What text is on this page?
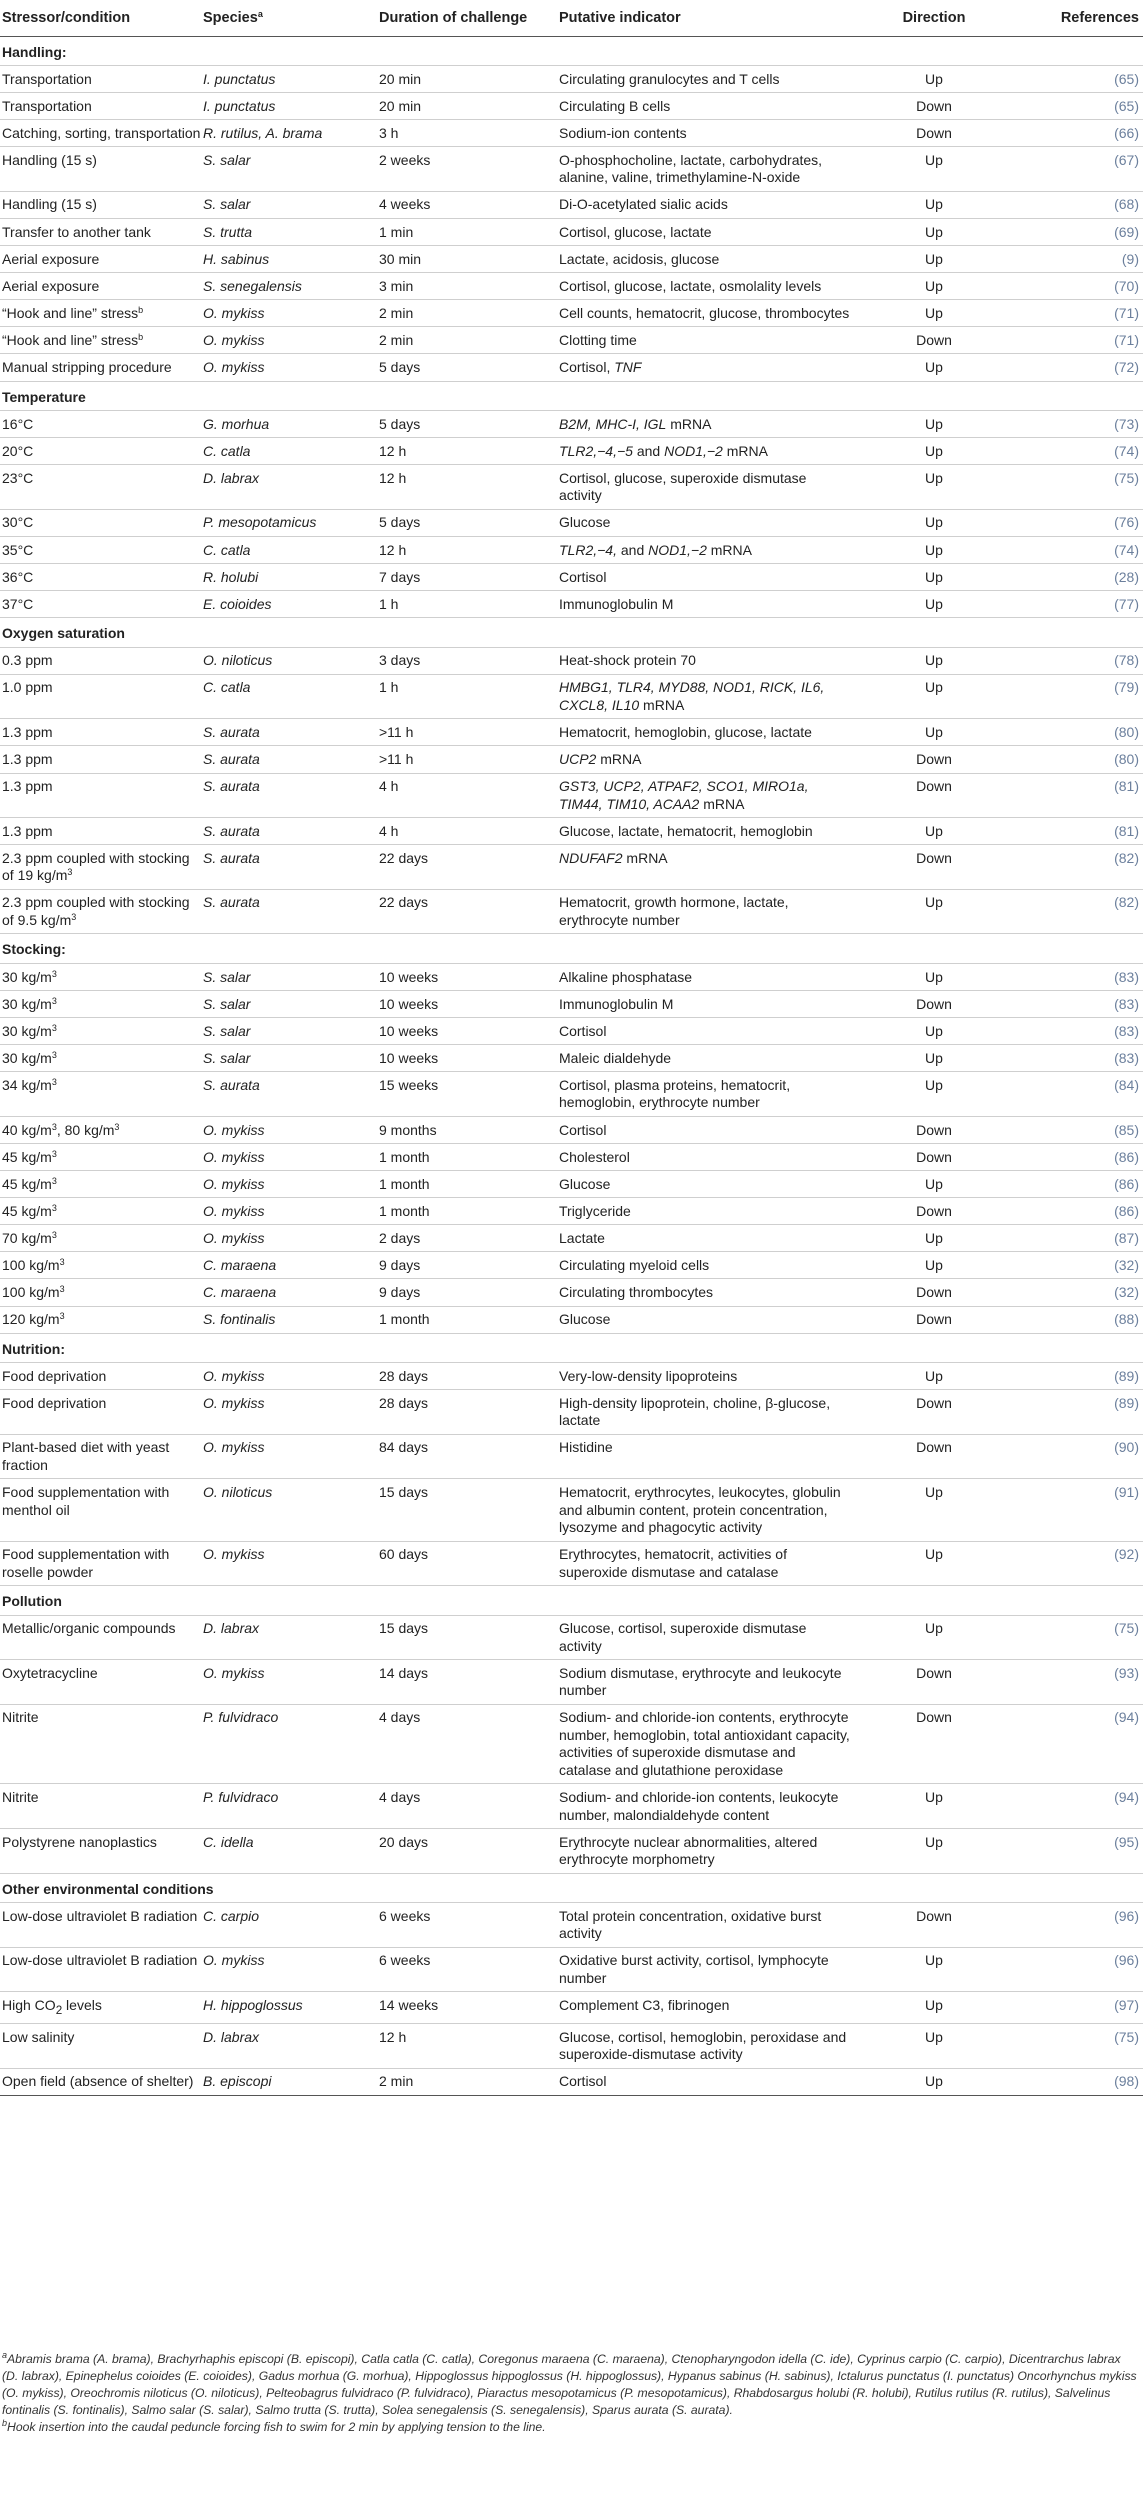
Stressor/condition	Species$^a$	Duration of challenge	Putative indicator	Direction	References
Handling:					
Transportation	I. punctatus	20 min	Circulating granulocytes and T cells	Up	(65)
Transportation	I. punctatus	20 min	Circulating B cells	Down	(65)
Catching, sorting, transportation	R. rutilus, A. brama	3 h	Sodium-ion contents	Down	(66)
Handling (15 s)	S. salar	2 weeks	O-phosphocholine, lactate, carbohydrates, alanine, valine, trimethylamine-N-oxide	Up	(67)
Handling (15 s)	S. salar	4 weeks	Di-O-acetylated sialic acids	Up	(68)
Transfer to another tank	S. trutta	1 min	Cortisol, glucose, lactate	Up	(69)
Aerial exposure	H. sabinus	30 min	Lactate, acidosis, glucose	Up	(9)
Aerial exposure	S. senegalensis	3 min	Cortisol, glucose, lactate, osmolality levels	Up	(70)
“Hook and line” stress$^b$	O. mykiss	2 min	Cell counts, hematocrit, glucose, thrombocytes	Up	(71)
“Hook and line” stress$^b$	O. mykiss	2 min	Clotting time	Down	(71)
Manual stripping procedure	O. mykiss	5 days	Cortisol, TNF	Up	(72)
Temperature					
16°C	G. morhua	5 days	B2M, MHC-I, IGL mRNA	Up	(73)
20°C	C. catla	12 h	TLR2,−4,−5 and NOD1,−2 mRNA	Up	(74)
23°C	D. labrax	12 h	Cortisol, glucose, superoxide dismutase activity	Up	(75)
30°C	P. mesopotamicus	5 days	Glucose	Up	(76)
35°C	C. catla	12 h	TLR2,−4, and NOD1,−2 mRNA	Up	(74)
36°C	R. holubi	7 days	Cortisol	Up	(28)
37°C	E. coioides	1 h	Immunoglobulin M	Up	(77)
Oxygen saturation					
0.3 ppm	O. niloticus	3 days	Heat-shock protein 70	Up	(78)
1.0 ppm	C. catla	1 h	HMBG1, TLR4, MYD88, NOD1, RICK, IL6, CXCL8, IL10 mRNA	Up	(79)
1.3 ppm	S. aurata	>11 h	Hematocrit, hemoglobin, glucose, lactate	Up	(80)
1.3 ppm	S. aurata	>11 h	UCP2 mRNA	Down	(80)
1.3 ppm	S. aurata	4 h	GST3, UCP2, ATPAF2, SCO1, MIRO1a, TIM44, TIM10, ACAA2 mRNA	Down	(81)
1.3 ppm	S. aurata	4 h	Glucose, lactate, hematocrit, hemoglobin	Up	(81)
2.3 ppm coupled with stocking of 19 $kg/m^3$	S. aurata	22 days	NDUFAF2 mRNA	Down	(82)
2.3 ppm coupled with stocking of 9.5 $kg/m^3$	S. aurata	22 days	Hematocrit, growth hormone, lactate, erythrocyte number	Up	(82)
Stocking:					
30 $kg/m^3$	S. salar	10 weeks	Alkaline phosphatase	Up	(83)
30 $kg/m^3$	S. salar	10 weeks	Immunoglobulin M	Down	(83)
30 $kg/m^3$	S. salar	10 weeks	Cortisol	Up	(83)
30 $kg/m^3$	S. salar	10 weeks	Maleic dialdehyde	Up	(83)
34 $kg/m^3$	S. aurata	15 weeks	Cortisol, plasma proteins, hematocrit, hemoglobin, erythrocyte number	Up	(84)
40 $kg/m^3$, 80 $kg/m^3$	O. mykiss	9 months	Cortisol	Down	(85)
45 $kg/m^3$	O. mykiss	1 month	Cholesterol	Down	(86)
45 $kg/m^3$	O. mykiss	1 month	Glucose	Up	(86)
45 $kg/m^3$	O. mykiss	1 month	Triglyceride	Down	(86)
70 $kg/m^3$	O. mykiss	2 days	Lactate	Up	(87)
100 $kg/m^3$	C. maraena	9 days	Circulating myeloid cells	Up	(32)
100 $kg/m^3$	C. maraena	9 days	Circulating thrombocytes	Down	(32)
120 $kg/m^3$	S. fontinalis	1 month	Glucose	Down	(88)
Nutrition:					
Food deprivation	O. mykiss	28 days	Very-low-density lipoproteins	Up	(89)
Food deprivation	O. mykiss	28 days	High-density lipoprotein, choline, β-glucose, lactate	Down	(89)
Plant-based diet with yeast fraction	O. mykiss	84 days	Histidine	Down	(90)
Food supplementation with menthol oil	O. niloticus	15 days	Hematocrit, erythrocytes, leukocytes, globulin and albumin content, protein concentration, lysozyme and phagocytic activity	Up	(91)
Food supplementation with roselle powder	O. mykiss	60 days	Erythrocytes, hematocrit, activities of superoxide dismutase and catalase	Up	(92)
Pollution					
Metallic/organic compounds	D. labrax	15 days	Glucose, cortisol, superoxide dismutase activity	Up	(75)
Oxytetracycline	O. mykiss	14 days	Sodium dismutase, erythrocyte and leukocyte number	Down	(93)
Nitrite	P. fulvidraco	4 days	Sodium- and chloride-ion contents, erythrocyte number, hemoglobin, total antioxidant capacity, activities of superoxide dismutase and catalase and glutathione peroxidase	Down	(94)
Nitrite	P. fulvidraco	4 days	Sodium- and chloride-ion contents, leukocyte number, malondialdehyde content	Up	(94)
Polystyrene nanoplastics	C. idella	20 days	Erythrocyte nuclear abnormalities, altered erythrocyte morphometry	Up	(95)
Other environmental conditions					
Low-dose ultraviolet B radiation	C. carpio	6 weeks	Total protein concentration, oxidative burst activity	Down	(96)
Low-dose ultraviolet B radiation	O. mykiss	6 weeks	Oxidative burst activity, cortisol, lymphocyte number	Up	(96)
High $CO_2$ levels	H. hippoglossus	14 weeks	Complement C3, fibrinogen	Up	(97)
Low salinity	D. labrax	12 h	Glucose, cortisol, hemoglobin, peroxidase and superoxide-dismutase activity	Up	(75)
Open field (absence of shelter)	B. episcopi	2 min	Cortisol	Up	(98)

$^a$Abramis brama (A. brama), Brachyrhaphis episcopi (B. episcopi), Catla catla (C. catla), Coregonus maraena (C. maraena), Ctenopharyngodon idella (C. ide), Cyprinus carpio (C. carpio), Dicentrarchus labrax (D. labrax), Epinephelus coioides (E. coioides), Gadus morhua (G. morhua), Hippoglossus hippoglossus (H. hippoglossus), Hypanus sabinus (H. sabinus), Ictalurus punctatus (I. punctatus) Oncorhynchus mykiss (O. mykiss), Oreochromis niloticus (O. niloticus), Pelteobagrus fulvidraco (P. fulvidraco), Piaractus mesopotamicus (P. mesopotamicus), Rhabdosargus holubi (R. holubi), Rutilus rutilus (R. rutilus), Salvelinus fontinalis (S. fontinalis), Salmo salar (S. salar), Salmo trutta (S. trutta), Solea senegalensis (S. senegalensis), Sparus aurata (S. aurata).

$^b$Hook insertion into the caudal peduncle forcing fish to swim for 2 min by applying tension to the line.
